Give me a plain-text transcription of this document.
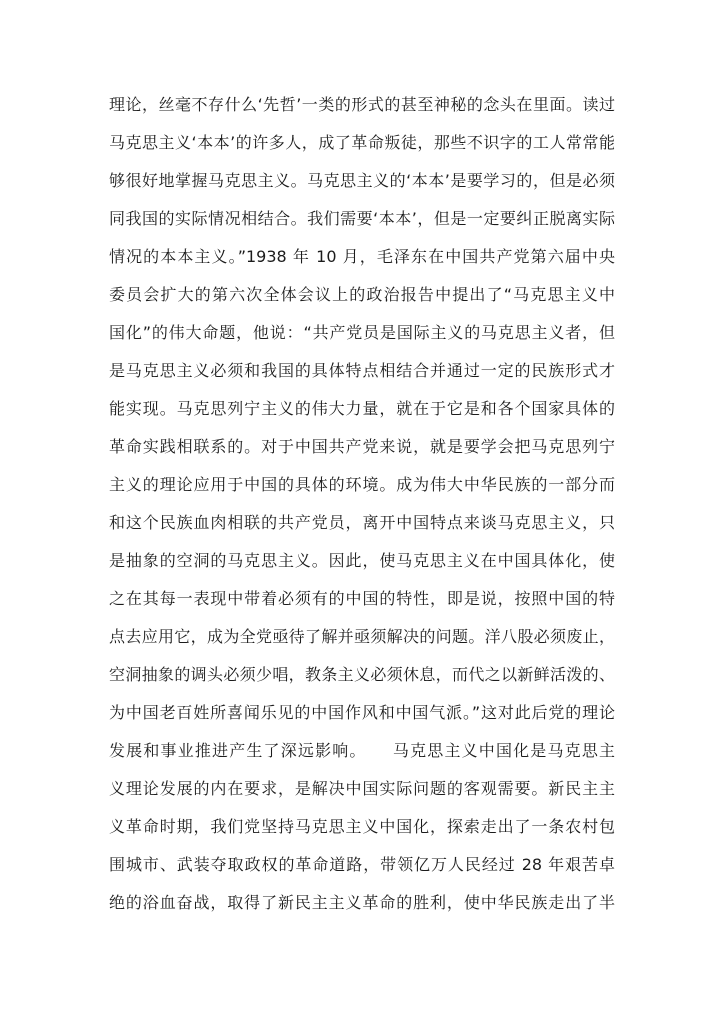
理论，丝毫不存什么‘先哲’一类的形式的甚至神秘的念头在里面。读过
马克思主义‘本本’的许多人，成了革命叛徒，那些不识字的工人常常能
够很好地掌握马克思主义。马克思主义的‘本本’是要学习的，但是必须
同我国的实际情况相结合。我们需要‘本本’，但是一定要纠正脱离实际
情况的本本主义。”1938 年 10 月，毛泽东在中国共产党第六届中央
委员会扩大的第六次全体会议上的政治报告中提出了“马克思主义中
国化”的伟大命题，他说：“共产党员是国际主义的马克思主义者，但
是马克思主义必须和我国的具体特点相结合并通过一定的民族形式才
能实现。马克思列宁主义的伟大力量，就在于它是和各个国家具体的
革命实践相联系的。对于中国共产党来说，就是要学会把马克思列宁
主义的理论应用于中国的具体的环境。成为伟大中华民族的一部分而
和这个民族血肉相联的共产党员，离开中国特点来谈马克思主义，只
是抽象的空洞的马克思主义。因此，使马克思主义在中国具体化，使
之在其每一表现中带着必须有的中国的特性，即是说，按照中国的特
点去应用它，成为全党亟待了解并亟须解决的问题。洋八股必须废止，
空洞抽象的调头必须少唱，教条主义必须休息，而代之以新鲜活泼的、
为中国老百姓所喜闻乐见的中国作风和中国气派。”这对此后党的理论
发展和事业推进产生了深远影响。　　马克思主义中国化是马克思主
义理论发展的内在要求，是解决中国实际问题的客观需要。新民主主
义革命时期，我们党坚持马克思主义中国化，探索走出了一条农村包
围城市、武装夺取政权的革命道路，带领亿万人民经过 28 年艰苦卓
绝的浴血奋战，取得了新民主主义革命的胜利，使中华民族走出了半
